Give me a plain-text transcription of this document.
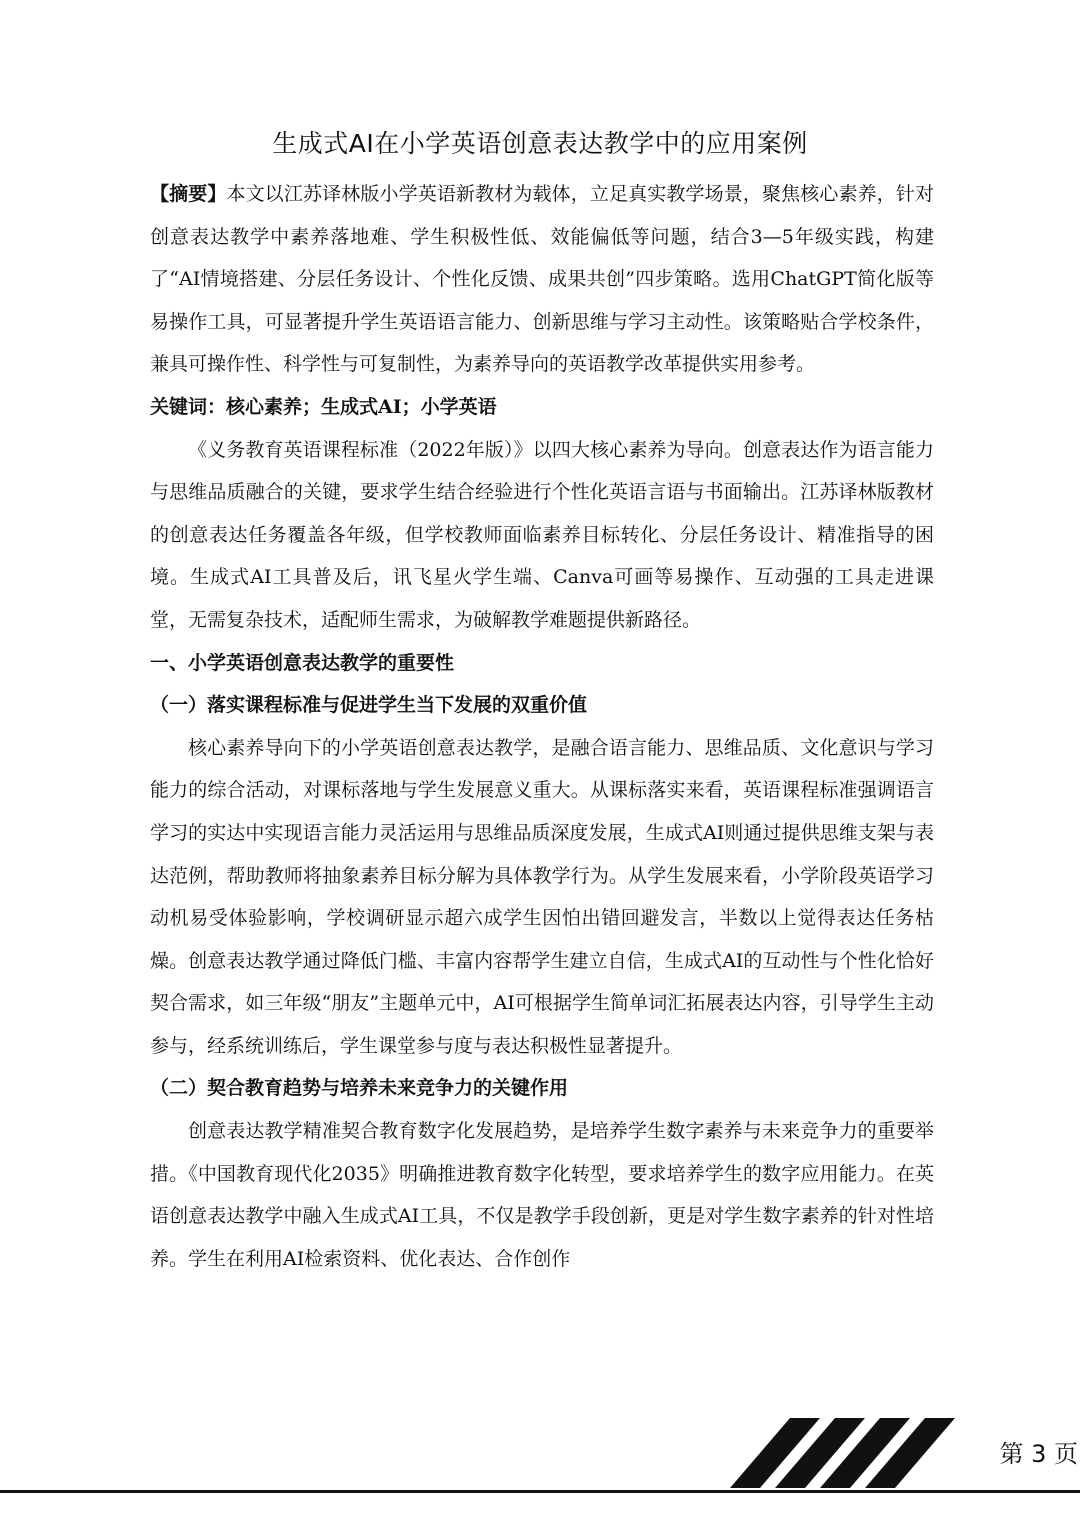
生成式AI在小学英语创意表达教学中的应用案例

【摘要】本文以江苏译林版小学英语新教材为载体，立足真实教学场景，聚焦核心素养，针对创意表达教学中素养落地难、学生积极性低、效能偏低等问题，结合3—5年级实践，构建了“AI情境搭建、分层任务设计、个性化反馈、成果共创”四步策略。选用ChatGPT简化版等易操作工具，可显著提升学生英语语言能力、创新思维与学习主动性。该策略贴合学校条件，兼具可操作性、科学性与可复制性，为素养导向的英语教学改革提供实用参考。

关键词：核心素养；生成式AI；小学英语

《义务教育英语课程标准（2022年版）》以四大核心素养为导向。创意表达作为语言能力与思维品质融合的关键，要求学生结合经验进行个性化英语言语与书面输出。江苏译林版教材的创意表达任务覆盖各年级，但学校教师面临素养目标转化、分层任务设计、精准指导的困境。生成式AI工具普及后，讯飞星火学生端、Canva可画等易操作、互动强的工具走进课堂，无需复杂技术，适配师生需求，为破解教学难题提供新路径。

一、小学英语创意表达教学的重要性

（一）落实课程标准与促进学生当下发展的双重价值

核心素养导向下的小学英语创意表达教学，是融合语言能力、思维品质、文化意识与学习能力的综合活动，对课标落地与学生发展意义重大。从课标落实来看，英语课程标准强调语言学习的实达中实现语言能力灵活运用与思维品质深度发展，生成式AI则通过提供思维支架与表达范例，帮助教师将抽象素养目标分解为具体教学行为。从学生发展来看，小学阶段英语学习动机易受体验影响，学校调研显示超六成学生因怕出错回避发言，半数以上觉得表达任务枯燥。创意表达教学通过降低门槛、丰富内容帮学生建立自信，生成式AI的互动性与个性化恰好契合需求，如三年级“朋友”主题单元中，AI可根据学生简单词汇拓展表达内容，引导学生主动参与，经系统训练后，学生课堂参与度与表达积极性显著提升。

（二）契合教育趋势与培养未来竞争力的关键作用

创意表达教学精准契合教育数字化发展趋势，是培养学生数字素养与未来竞争力的重要举措。《中国教育现代化2035》明确推进教育数字化转型，要求培养学生的数字应用能力。在英语创意表达教学中融入生成式AI工具，不仅是教学手段创新，更是对学生数字素养的针对性培养。学生在利用AI检索资料、优化表达、合作创作

第 3 页
